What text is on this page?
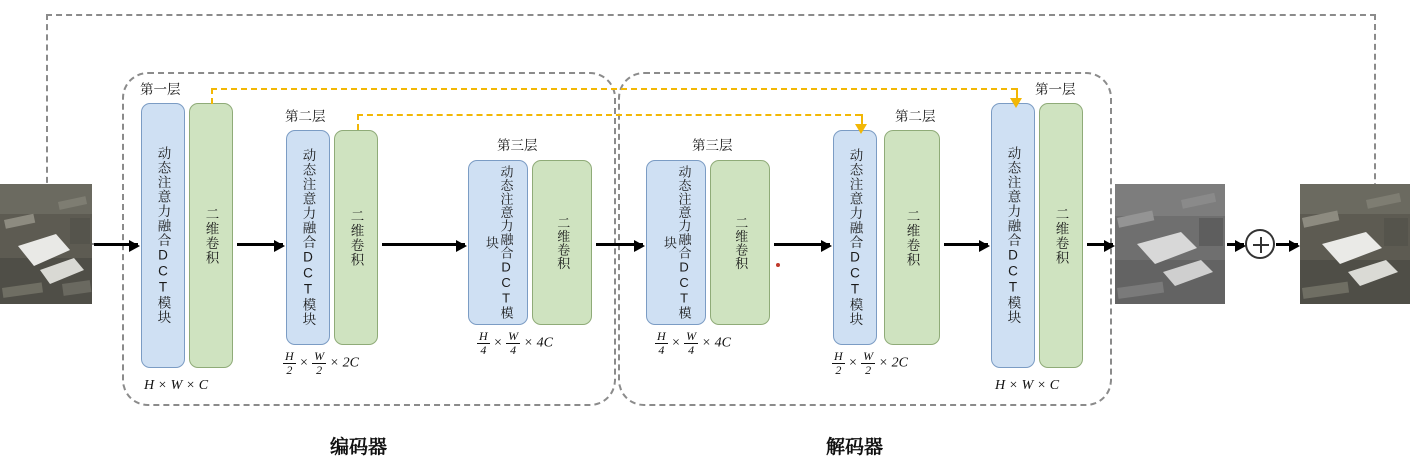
编码器
第一层
动态注意力融合DCT模块 二维卷积
H × W × C
第二层
动态注意力融合DCT模块 二维卷积
$\frac{H}{2} \times \frac{W}{2} \times 2C$
第三层
动态注意力融合DCT模块	二维卷积
$\frac{H}{4} \times \frac{W}{4} \times 4C$
解码器
第三层
动态注意力融合DCT模块	二维卷积
$\frac{H}{4} \times \frac{W}{4} \times 4C$
第二层
动态注意力融合DCT模块	二维卷积
$\frac{H}{2} \times \frac{W}{2} \times 2C$
第一层
动态注意力融合DCT模块 二维卷积
H × W × C
